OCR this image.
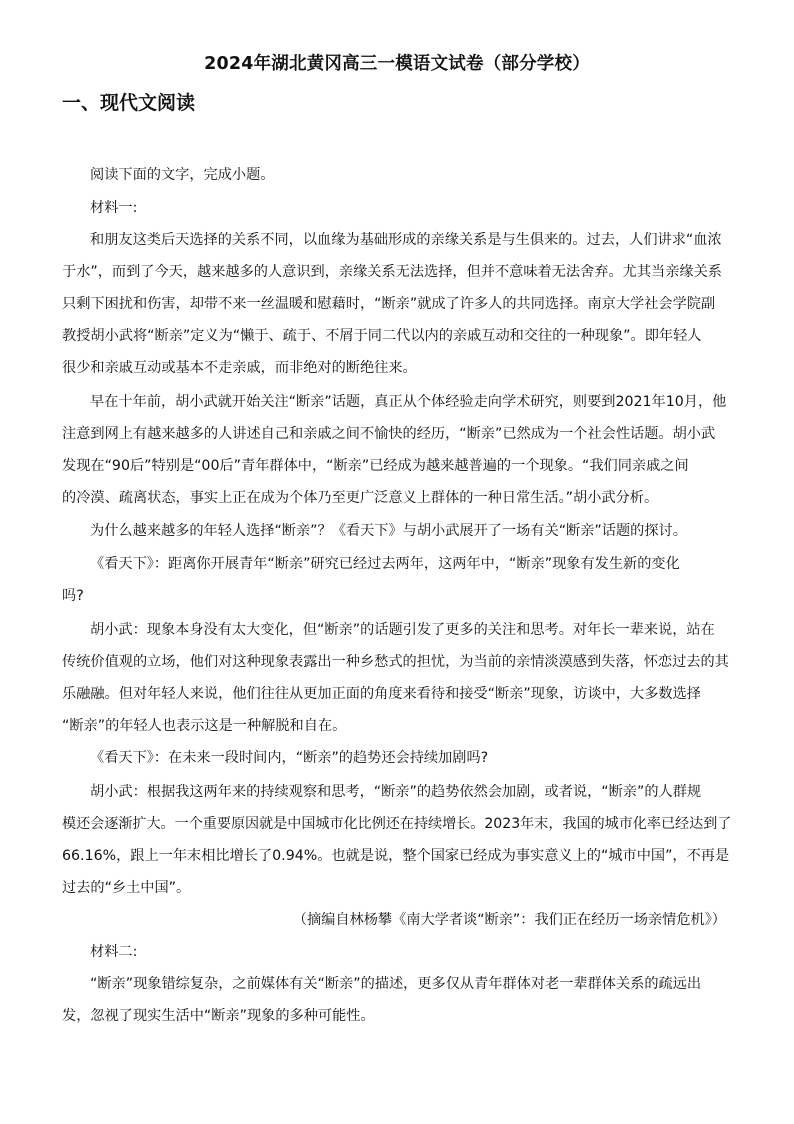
2024年湖北黄冈高三一模语文试卷（部分学校）
一、现代文阅读
阅读下面的文字，完成小题。
材料一:
和朋友这类后天选择的关系不同，以血缘为基础形成的亲缘关系是与生俱来的。过去，人们讲求“血浓
于水”，而到了今天，越来越多的人意识到，亲缘关系无法选择，但并不意味着无法舍弃。尤其当亲缘关系
只剩下困扰和伤害，却带不来一丝温暖和慰藉时，“断亲”就成了许多人的共同选择。南京大学社会学院副
教授胡小武将“断亲”定义为“懒于、疏于、不屑于同二代以内的亲戚互动和交往的一种现象”。即年轻人
很少和亲戚互动或基本不走亲戚，而非绝对的断绝往来。
早在十年前，胡小武就开始关注“断亲”话题，真正从个体经验走向学术研究，则要到2021年10月，他
注意到网上有越来越多的人讲述自己和亲戚之间不愉快的经历，“断亲”已然成为一个社会性话题。胡小武
发现在“90后”特别是“00后”青年群体中，“断亲”已经成为越来越普遍的一个现象。“我们同亲戚之间
的冷漠、疏离状态，事实上正在成为个体乃至更广泛意义上群体的一种日常生活。”胡小武分析。
为什么越来越多的年轻人选择“断亲”？《看天下》与胡小武展开了一场有关“断亲”话题的探讨。
《看天下》：距离你开展青年“断亲”研究已经过去两年，这两年中，“断亲”现象有发生新的变化
吗?
胡小武：现象本身没有太大变化，但“断亲”的话题引发了更多的关注和思考。对年长一辈来说，站在
传统价值观的立场，他们对这种现象表露出一种乡愁式的担忧，为当前的亲情淡漠感到失落，怀恋过去的其
乐融融。但对年轻人来说，他们往往从更加正面的角度来看待和接受“断亲”现象，访谈中，大多数选择
“断亲”的年轻人也表示这是一种解脱和自在。
《看天下》：在未来一段时间内，“断亲”的趋势还会持续加剧吗?
胡小武：根据我这两年来的持续观察和思考，“断亲”的趋势依然会加剧，或者说，“断亲”的人群规
模还会逐渐扩大。一个重要原因就是中国城市化比例还在持续增长。2023年末，我国的城市化率已经达到了
66.16%，跟上一年末相比增长了0.94%。也就是说，整个国家已经成为事实意义上的“城市中国”，不再是
过去的“乡土中国”。
（摘编自林杨攀《南大学者谈“断亲”：我们正在经历一场亲情危机》）
材料二:
“断亲”现象错综复杂，之前媒体有关“断亲”的描述，更多仅从青年群体对老一辈群体关系的疏远出
发，忽视了现实生活中“断亲”现象的多种可能性。
